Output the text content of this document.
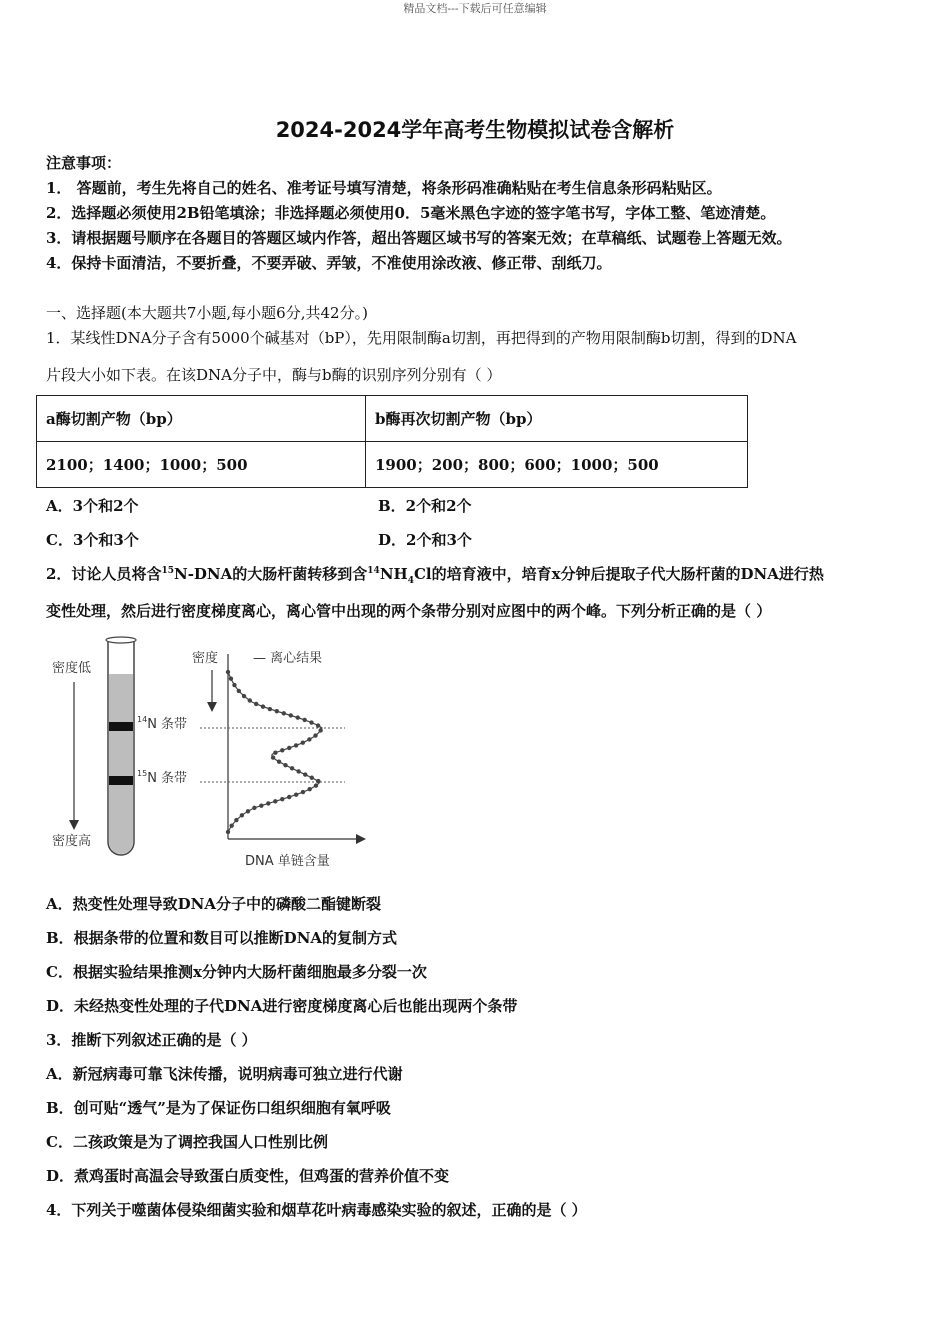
精品文档---下载后可任意编辑
2024-2024学年高考生物模拟试卷含解析
注意事项：
1． 答题前，考生先将自己的姓名、准考证号填写清楚，将条形码准确粘贴在考生信息条形码粘贴区。
2．选择题必须使用2B铅笔填涂；非选择题必须使用0．5毫米黑色字迹的签字笔书写，字体工整、笔迹清楚。
3．请根据题号顺序在各题目的答题区域内作答，超出答题区域书写的答案无效；在草稿纸、试题卷上答题无效。
4．保持卡面清洁，不要折叠，不要弄破、弄皱，不准使用涂改液、修正带、刮纸刀。
一、选择题(本大题共7小题,每小题6分,共42分。)
1．某线性DNA分子含有5000个碱基对（bP），先用限制酶a切割，再把得到的产物用限制酶b切割，得到的DNA
片段大小如下表。在该DNA分子中，酶与b酶的识别序列分别有（ ）
a酶切割产物（bp）	b酶再次切割产物（bp）
2100；1400；1000；500	1900；200；800；600；1000；500
A．3个和2个	B．2个和2个
C．3个和3个	D．2个和3个
2．讨论人员将含$^{15}$N-DNA的大肠杆菌转移到含$^{14}NH_4Cl$的培育液中，培育x分钟后提取子代大肠杆菌的DNA进行热
变性处理，然后进行密度梯度离心，离心管中出现的两个条带分别对应图中的两个峰。下列分析正确的是（ ）
密度低
密度高
$^{14}$N 条带
$^{15}$N 条带
密度	— 离心结果
DNA 单链含量
A．热变性处理导致DNA分子中的磷酸二酯键断裂
B．根据条带的位置和数目可以推断DNA的复制方式
C．根据实验结果推测x分钟内大肠杆菌细胞最多分裂一次
D．未经热变性处理的子代DNA进行密度梯度离心后也能出现两个条带
3．推断下列叙述正确的是（ ）
A．新冠病毒可靠飞沫传播，说明病毒可独立进行代谢
B．创可贴“透气”是为了保证伤口组织细胞有氧呼吸
C．二孩政策是为了调控我国人口性别比例
D．煮鸡蛋时高温会导致蛋白质变性，但鸡蛋的营养价值不变
4．下列关于噬菌体侵染细菌实验和烟草花叶病毒感染实验的叙述，正确的是（ ）
